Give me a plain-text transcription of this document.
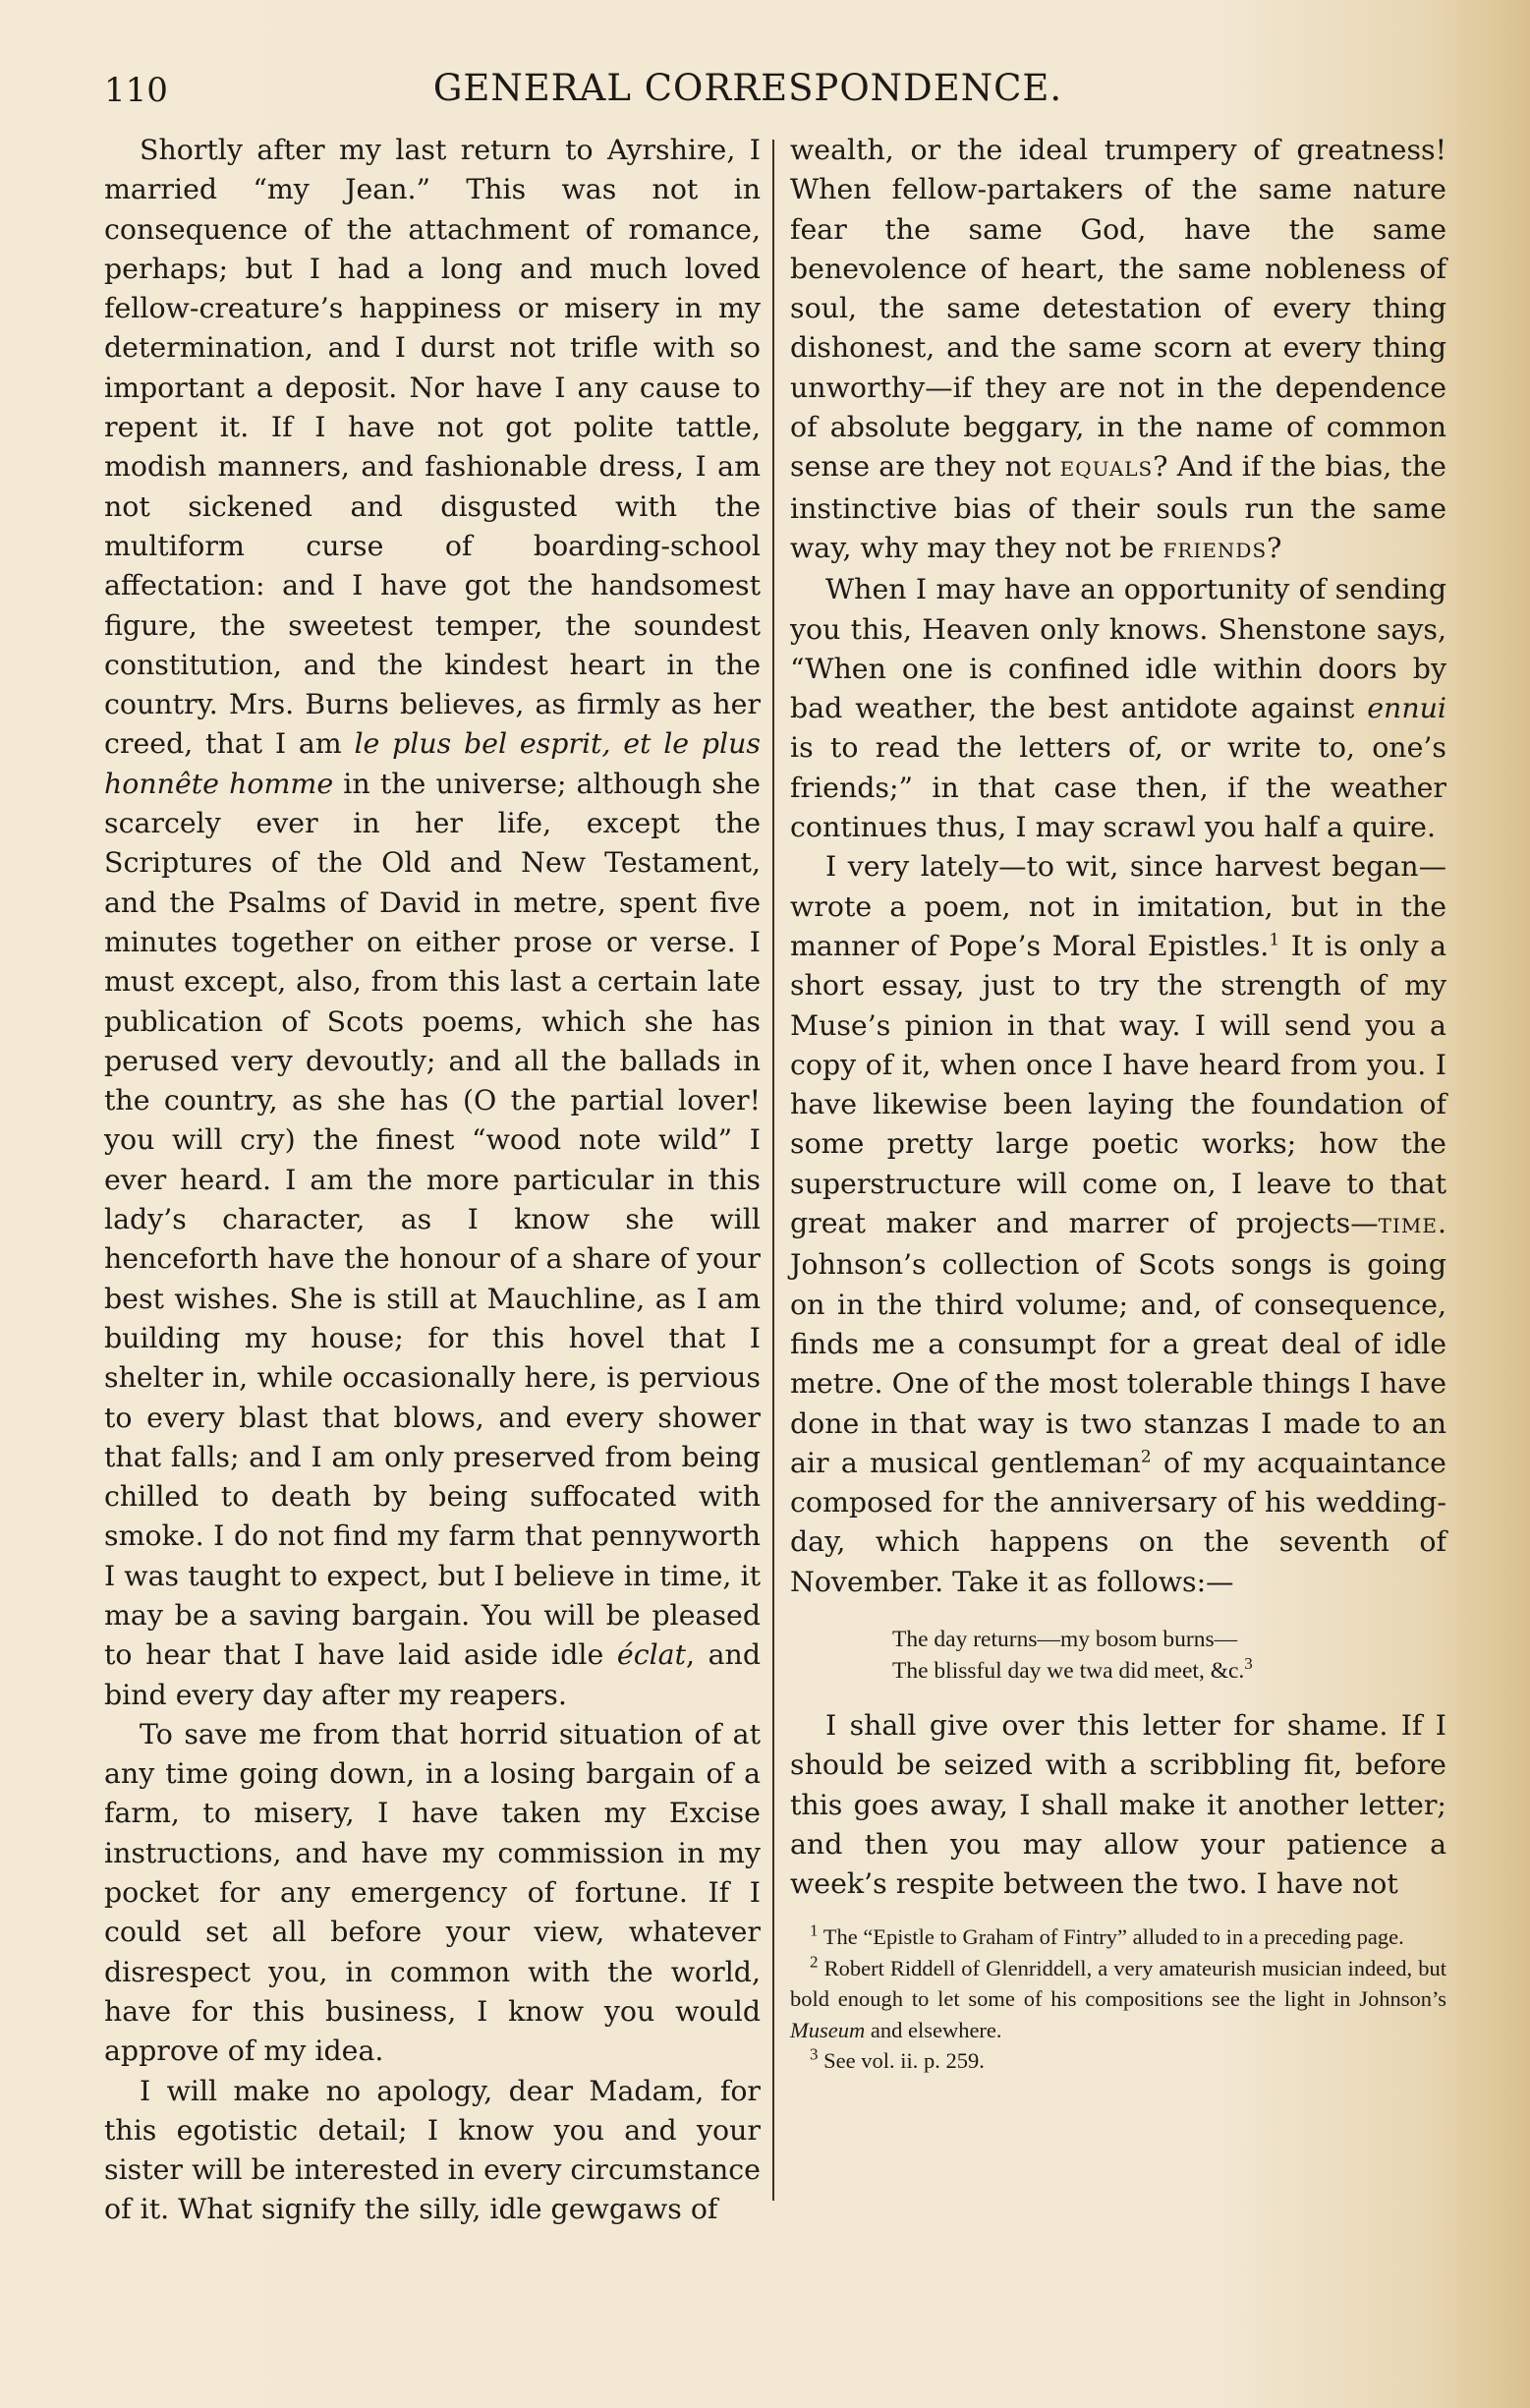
110	GENERAL CORRESPONDENCE.

Shortly after my last return to Ayrshire, I married “my Jean.” This was not in consequence of the attachment of romance, perhaps; but I had a long and much loved fellow-creature’s happiness or misery in my determination, and I durst not trifle with so important a deposit. Nor have I any cause to repent it. If I have not got polite tattle, modish manners, and fashionable dress, I am not sickened and disgusted with the multiform curse of boarding-school affectation: and I have got the handsomest figure, the sweetest temper, the soundest constitution, and the kindest heart in the country. Mrs. Burns believes, as firmly as her creed, that I am le plus bel esprit, et le plus honnête homme in the universe; although she scarcely ever in her life, except the Scriptures of the Old and New Testament, and the Psalms of David in metre, spent five minutes together on either prose or verse. I must except, also, from this last a certain late publication of Scots poems, which she has perused very devoutly; and all the ballads in the country, as she has (O the partial lover! you will cry) the finest “wood note wild” I ever heard. I am the more particular in this lady’s character, as I know she will henceforth have the honour of a share of your best wishes. She is still at Mauchline, as I am building my house; for this hovel that I shelter in, while occasionally here, is pervious to every blast that blows, and every shower that falls; and I am only preserved from being chilled to death by being suffocated with smoke. I do not find my farm that pennyworth I was taught to expect, but I believe in time, it may be a saving bargain. You will be pleased to hear that I have laid aside idle éclat, and bind every day after my reapers.

To save me from that horrid situation of at any time going down, in a losing bargain of a farm, to misery, I have taken my Excise instructions, and have my commission in my pocket for any emergency of fortune. If I could set all before your view, whatever disrespect you, in common with the world, have for this business, I know you would approve of my idea.

I will make no apology, dear Madam, for this egotistic detail; I know you and your sister will be interested in every circumstance of it. What signify the silly, idle gewgaws of

wealth, or the ideal trumpery of greatness! When fellow-partakers of the same nature fear the same God, have the same benevolence of heart, the same nobleness of soul, the same detestation of every thing dishonest, and the same scorn at every thing unworthy—if they are not in the dependence of absolute beggary, in the name of common sense are they not EQUALS? And if the bias, the instinctive bias of their souls run the same way, why may they not be FRIENDS?

When I may have an opportunity of sending you this, Heaven only knows. Shenstone says, “When one is confined idle within doors by bad weather, the best antidote against ennui is to read the letters of, or write to, one’s friends;” in that case then, if the weather continues thus, I may scrawl you half a quire.

I very lately—to wit, since harvest began—wrote a poem, not in imitation, but in the manner of Pope’s Moral Epistles.$^1$ It is only a short essay, just to try the strength of my Muse’s pinion in that way. I will send you a copy of it, when once I have heard from you. I have likewise been laying the foundation of some pretty large poetic works; how the superstructure will come on, I leave to that great maker and marrer of projects—TIME. Johnson’s collection of Scots songs is going on in the third volume; and, of consequence, finds me a consumpt for a great deal of idle metre. One of the most tolerable things I have done in that way is two stanzas I made to an air a musical gentleman$^2$ of my acquaintance composed for the anniversary of his wedding-day, which happens on the seventh of November. Take it as follows:—

The day returns—my bosom burns—
The blissful day we twa did meet, &c.$^3$

I shall give over this letter for shame. If I should be seized with a scribbling fit, before this goes away, I shall make it another letter; and then you may allow your patience a week’s respite between the two. I have not

$^1$ The “Epistle to Graham of Fintry” alluded to in a preceding page.
$^2$ Robert Riddell of Glenriddell, a very amateurish musician indeed, but bold enough to let some of his compositions see the light in Johnson’s Museum and elsewhere.
$^3$ See vol. ii. p. 259.
